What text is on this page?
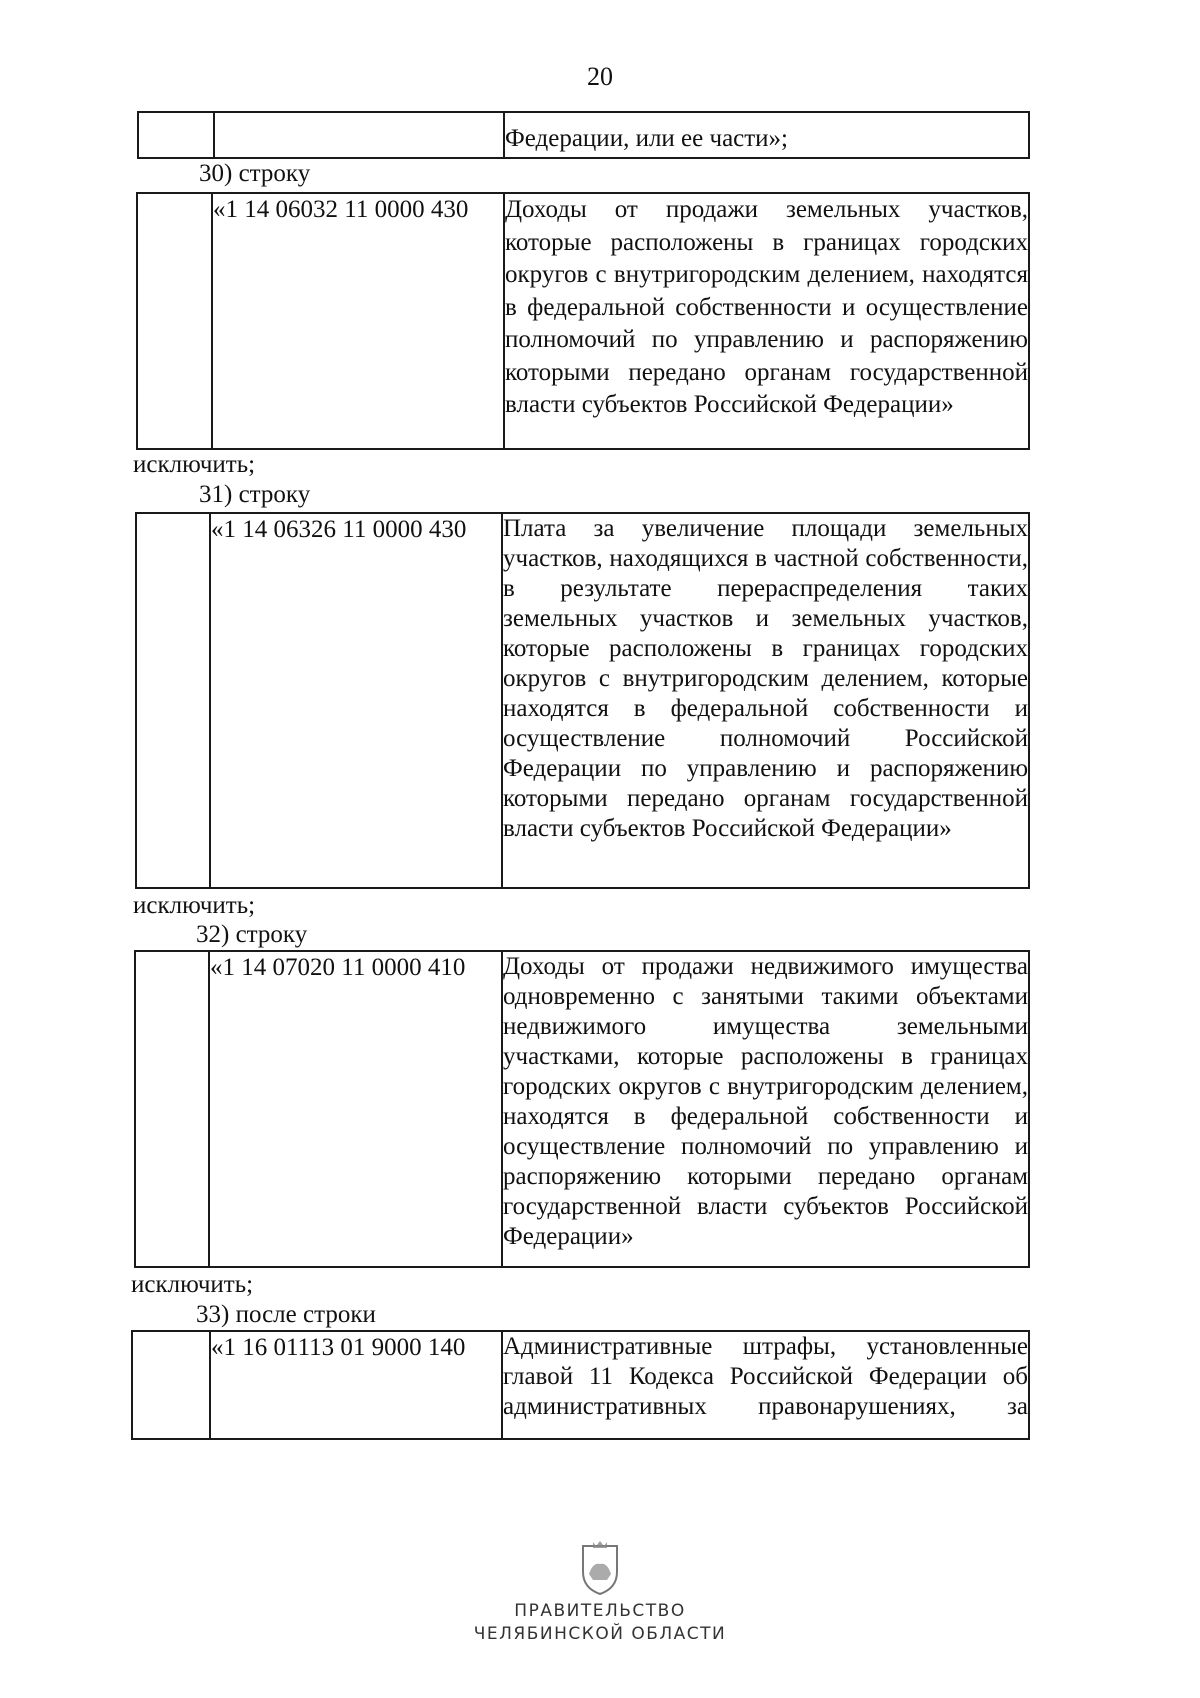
20
		Федерации, или ее части»;
30) строку
	«1 14 06032 11 0000 430	Доходы от продажи земельных участков, которые расположены в границах городских округов с внутригородским делением, находятся в федеральной собственности и осуществление полномочий по управлению и распоряжению которыми передано органам государственной власти субъектов Российской Федерации»
исключить;
31) строку
	«1 14 06326 11 0000 430	Плата за увеличение площади земельных участков, находящихся в частной собственности, в результате перераспределения таких земельных участков и земельных участков, которые расположены в границах городских округов с внутригородским делением, которые находятся в федеральной собственности и осуществление полномочий Российской Федерации по управлению и распоряжению которыми передано органам государственной власти субъектов Российской Федерации»
исключить;
32) строку
	«1 14 07020 11 0000 410	Доходы от продажи недвижимого имущества одновременно с занятыми такими объектами недвижимого имущества земельными участками, которые расположены в границах городских округов с внутригородским делением, находятся в федеральной собственности и осуществление полномочий по управлению и распоряжению которыми передано органам государственной власти субъектов Российской Федерации»
исключить;
33) после строки
	«1 16 01113 01 9000 140	Административные штрафы, установленные главой 11 Кодекса Российской Федерации об административных правонарушениях, за
ПРАВИТЕЛЬСТВО
ЧЕЛЯБИНСКОЙ ОБЛАСТИ
